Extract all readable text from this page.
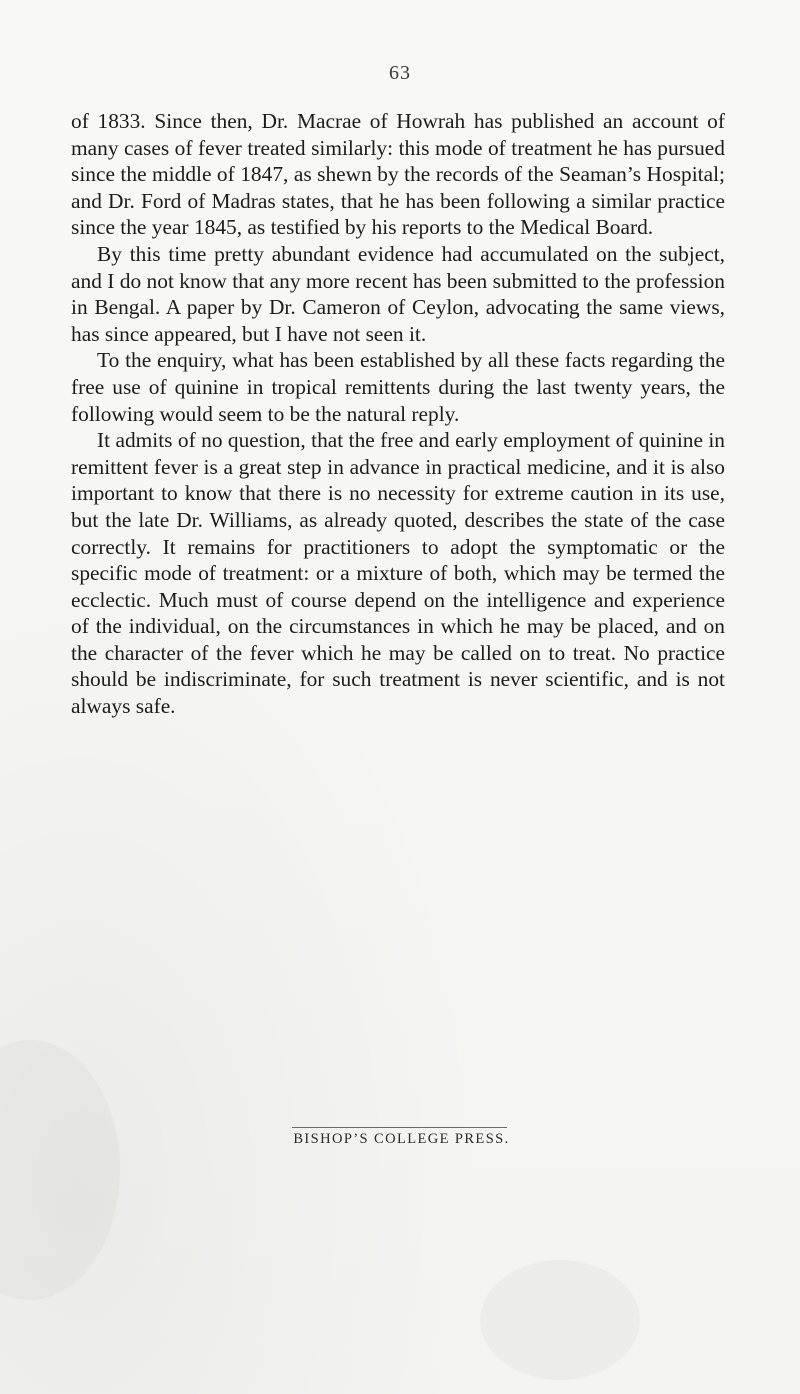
63

of 1833. Since then, Dr. Macrae of Howrah has published an account of many cases of fever treated similarly: this mode of treatment he has pursued since the middle of 1847, as shewn by the records of the Seaman’s Hospital; and Dr. Ford of Madras states, that he has been following a similar practice since the year 1845, as testified by his reports to the Medical Board.

By this time pretty abundant evidence had accumulated on the subject, and I do not know that any more recent has been submitted to the profession in Bengal. A paper by Dr. Cameron of Ceylon, advocating the same views, has since appeared, but I have not seen it.

To the enquiry, what has been established by all these facts regarding the free use of quinine in tropical remittents during the last twenty years, the following would seem to be the natural reply.

It admits of no question, that the free and early employment of quinine in remittent fever is a great step in advance in practical medicine, and it is also important to know that there is no necessity for extreme caution in its use, but the late Dr. Williams, as already quoted, describes the state of the case correctly. It remains for practitioners to adopt the symptomatic or the specific mode of treatment: or a mixture of both, which may be termed the ecclectic. Much must of course depend on the intelligence and experience of the individual, on the circumstances in which he may be placed, and on the character of the fever which he may be called on to treat. No practice should be indiscriminate, for such treatment is never scientific, and is not always safe.

BISHOP’S COLLEGE PRESS.
